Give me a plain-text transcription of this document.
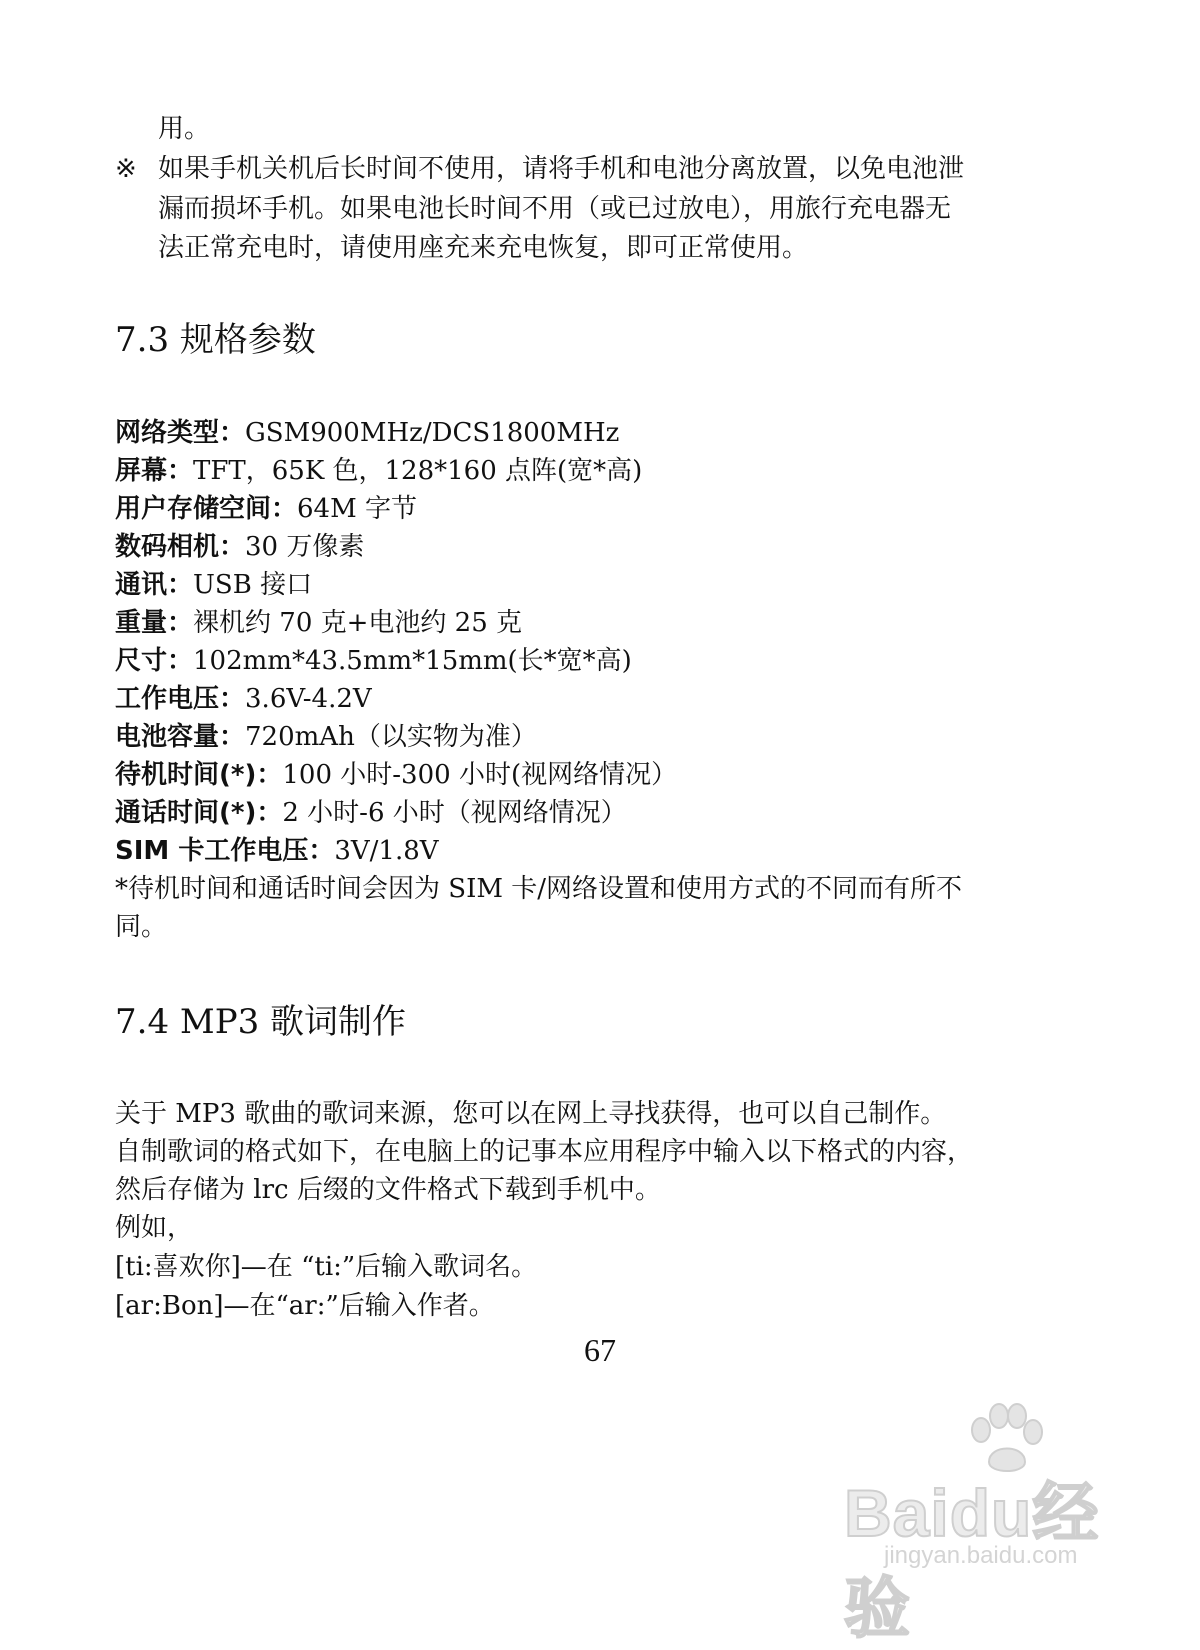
用。
※ 如果手机关机后长时间不使用，请将手机和电池分离放置，以免电池泄
漏而损坏手机。如果电池长时间不用（或已过放电），用旅行充电器无
法正常充电时，请使用座充来充电恢复，即可正常使用。
7.3 规格参数
网络类型：GSM900MHz/DCS1800MHz
屏幕：TFT，65K 色，128*160 点阵(宽*高)
用户存储空间：64M 字节
数码相机：30 万像素
通讯：USB 接口
重量：裸机约 70 克+电池约 25 克
尺寸：102mm*43.5mm*15mm(长*宽*高)
工作电压：3.6V-4.2V
电池容量：720mAh（以实物为准）
待机时间(*)：100 小时-300 小时(视网络情况）
通话时间(*)：2 小时-6 小时（视网络情况）
SIM 卡工作电压：3V/1.8V
*待机时间和通话时间会因为 SIM 卡/网络设置和使用方式的不同而有所不
同。
7.4 MP3 歌词制作
关于 MP3 歌曲的歌词来源，您可以在网上寻找获得，也可以自己制作。
自制歌词的格式如下，在电脑上的记事本应用程序中输入以下格式的内容，
然后存储为 lrc 后缀的文件格式下载到手机中。
例如，
[ti:喜欢你]—在 “ti:”后输入歌词名。
[ar:Bon]—在“ar:”后输入作者。
67
Baidu经验
jingyan.baidu.com
